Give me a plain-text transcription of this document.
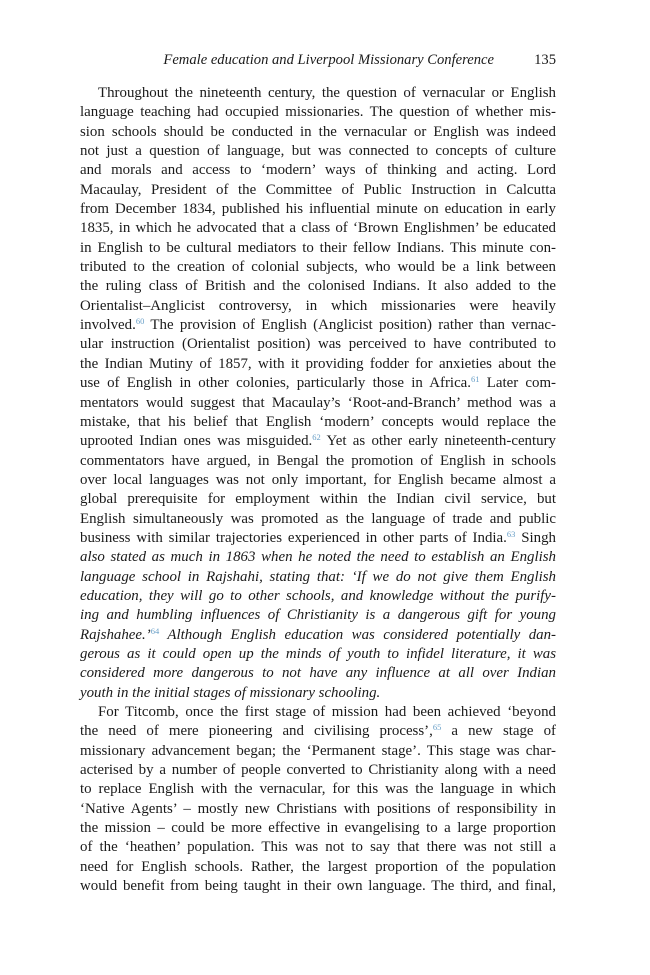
Female education and Liverpool Missionary Conference	135
Throughout the nineteenth century, the question of vernacular or English
language teaching had occupied missionaries. The question of whether mis-
sion schools should be conducted in the vernacular or English was indeed
not just a question of language, but was connected to concepts of culture
and morals and access to ‘modern’ ways of thinking and acting. Lord
Macaulay, President of the Committee of Public Instruction in Calcutta
from December 1834, published his influential minute on education in early
1835, in which he advocated that a class of ‘Brown Englishmen’ be educated
in English to be cultural mediators to their fellow Indians. This minute con-
tributed to the creation of colonial subjects, who would be a link between
the ruling class of British and the colonised Indians. It also added to the
Orientalist–Anglicist controversy, in which missionaries were heavily
involved.$^{60}$ The provision of English (Anglicist position) rather than vernac-
ular instruction (Orientalist position) was perceived to have contributed to
the Indian Mutiny of 1857, with it providing fodder for anxieties about the
use of English in other colonies, particularly those in Africa.$^{61}$ Later com-
mentators would suggest that Macaulay’s ‘Root-and-Branch’ method was a
mistake, that his belief that English ‘modern’ concepts would replace the
uprooted Indian ones was misguided.$^{62}$ Yet as other early nineteenth-century
commentators have argued, in Bengal the promotion of English in schools
over local languages was not only important, for English became almost a
global prerequisite for employment within the Indian civil service, but
English simultaneously was promoted as the language of trade and public
business with similar trajectories experienced in other parts of India.$^{63}$ Singh
also stated as much in 1863 when he noted the need to establish an English
language school in Rajshahi, stating that: ‘If we do not give them English
education, they will go to other schools, and knowledge without the purify-
ing and humbling influences of Christianity is a dangerous gift for young
Rajshahee.’$^{64}$ Although English education was considered potentially dan-
gerous as it could open up the minds of youth to infidel literature, it was
considered more dangerous to not have any influence at all over Indian
youth in the initial stages of missionary schooling.
For Titcomb, once the first stage of mission had been achieved ‘beyond
the need of mere pioneering and civilising process’,$^{65}$ a new stage of
missionary advancement began; the ‘Permanent stage’. This stage was char-
acterised by a number of people converted to Christianity along with a need
to replace English with the vernacular, for this was the language in which
‘Native Agents’ – mostly new Christians with positions of responsibility in
the mission – could be more effective in evangelising to a large proportion
of the ‘heathen’ population. This was not to say that there was not still a
need for English schools. Rather, the largest proportion of the population
would benefit from being taught in their own language. The third, and final,
